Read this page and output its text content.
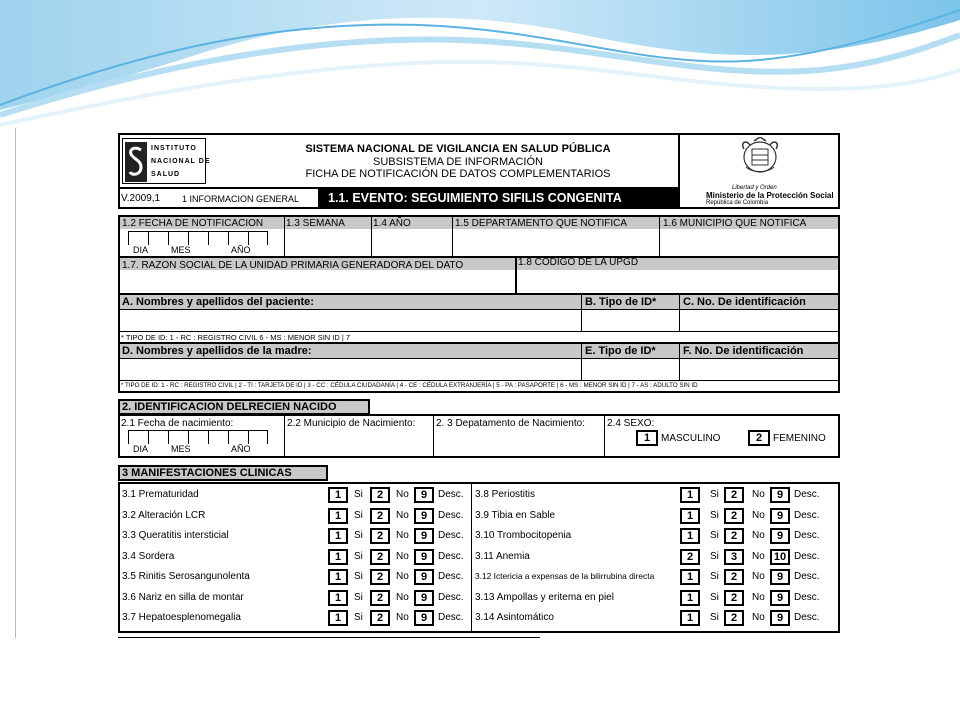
INSTITUTO
NACIONAL DE
SALUD
SISTEMA NACIONAL DE VIGILANCIA EN SALUD PÚBLICA
SUBSISTEMA DE INFORMACIÓN
FICHA DE NOTIFICACIÓN DE DATOS COMPLEMENTARIOS
V.2009,1 1 INFORMACION GENERAL 1.1. EVENTO: SEGUIMIENTO SIFILIS CONGENITA
Libertad y Orden
Ministerio de la Protección Social
República de Colombia
1.2 FECHA DE NOTIFICACION 1.3 SEMANA	1.4 AÑO	1.5 DEPARTAMENTO QUE NOTIFICA	1.6 MUNICIPIO QUE NOTIFICA
DIA	MES	AÑO
1.7. RAZON SOCIAL DE LA UNIDAD PRIMARIA GENERADORA DEL DATO	1.8 CODIGO DE LA UPGD
A. Nombres y apellidos del paciente:	B. Tipo de ID* C. No. De identificación
* TIPO DE ID: 1 - RC : REGISTRO CIVIL 6 - MS : MENOR SIN ID | 7
D. Nombres y apellidos de la madre:	E. Tipo de ID* F. No. De identificación
* TIPO DE ID: 1 - RC : REGISTRO CIVIL | 2 - TI : TARJETA DE ID | 3 - CC : CÉDULA CIUDADANÍA | 4 - CE : CÉDULA EXTRANJERÍA | 5 - PA : PASAPORTE | 6 - MS : MENOR SIN ID | 7 - AS : ADULTO SIN ID
2. IDENTIFICACION DELRECIEN NACIDO
2.1 Fecha de nacimiento:
DIA	MES	AÑO
2.2 Municipio de Nacimiento: 2. 3 Depatamento de Nacimiento: 2.4 SEXO:
1	MASCULINO	2	FEMENINO
3 MANIFESTACIONES CLINICAS
3.1 Prematuridad	1	Si	2	No	9	Desc.
3.2 Alteración LCR	1	Si	2	No	9	Desc.
3.3 Queratitis intersticial	1	Si	2	No	9	Desc.
3.4 Sordera	1	Si	2	No	9	Desc.
3.5 Rinitis Serosangunolenta	1	Si	2	No	9	Desc.
3.6 Nariz en silla de montar	1	Si	2	No	9	Desc.
3.7 Hepatoesplenomegalia	1	Si	2	No	9	Desc.
3.8 Periostitis	1	Si	2	No	9	Desc.
3.9 Tibia en Sable	1	Si	2	No	9	Desc.
3.10 Trombocitopenia	1	Si	2	No	9	Desc.
3.11 Anemia	2	Si	3	No 10 Desc.
3.12 Ictericia a expensas de la bilirrubina directa	1	Si	2	No	9	Desc.
3.13 Ampollas y eritema en piel	1	Si	2	No	9	Desc.
3.14 Asintomático	1	Si	2	No	9	Desc.
